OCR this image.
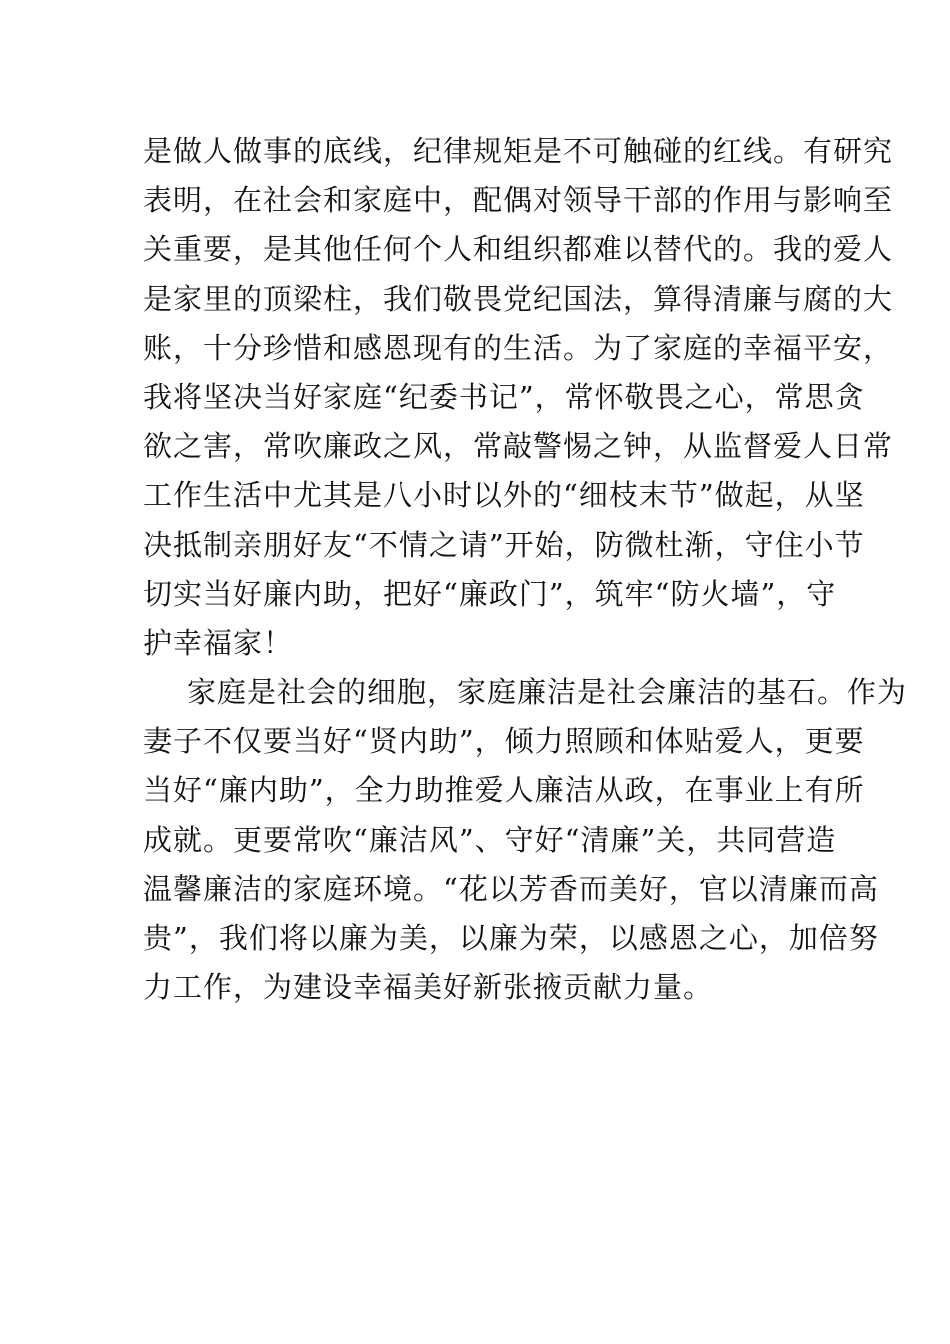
是做人做事的底线，纪律规矩是不可触碰的红线。有研究
表明，在社会和家庭中，配偶对领导干部的作用与影响至
关重要，是其他任何个人和组织都难以替代的。我的爱人
是家里的顶梁柱，我们敬畏党纪国法，算得清廉与腐的大
账，十分珍惜和感恩现有的生活。为了家庭的幸福平安，
我将坚决当好家庭“纪委书记”，常怀敬畏之心，常思贪
欲之害，常吹廉政之风，常敲警惕之钟，从监督爱人日常
工作生活中尤其是八小时以外的“细枝末节”做起，从坚
决抵制亲朋好友“不情之请”开始，防微杜渐，守住小节
切实当好廉内助，把好“廉政门”，筑牢“防火墙”，守
护幸福家！
家庭是社会的细胞，家庭廉洁是社会廉洁的基石。作为
妻子不仅要当好“贤内助”，倾力照顾和体贴爱人，更要
当好“廉内助”，全力助推爱人廉洁从政，在事业上有所
成就。更要常吹“廉洁风”、守好“清廉”关，共同营造
温馨廉洁的家庭环境。“花以芳香而美好，官以清廉而高
贵”，我们将以廉为美，以廉为荣，以感恩之心，加倍努
力工作，为建设幸福美好新张掖贡献力量。
